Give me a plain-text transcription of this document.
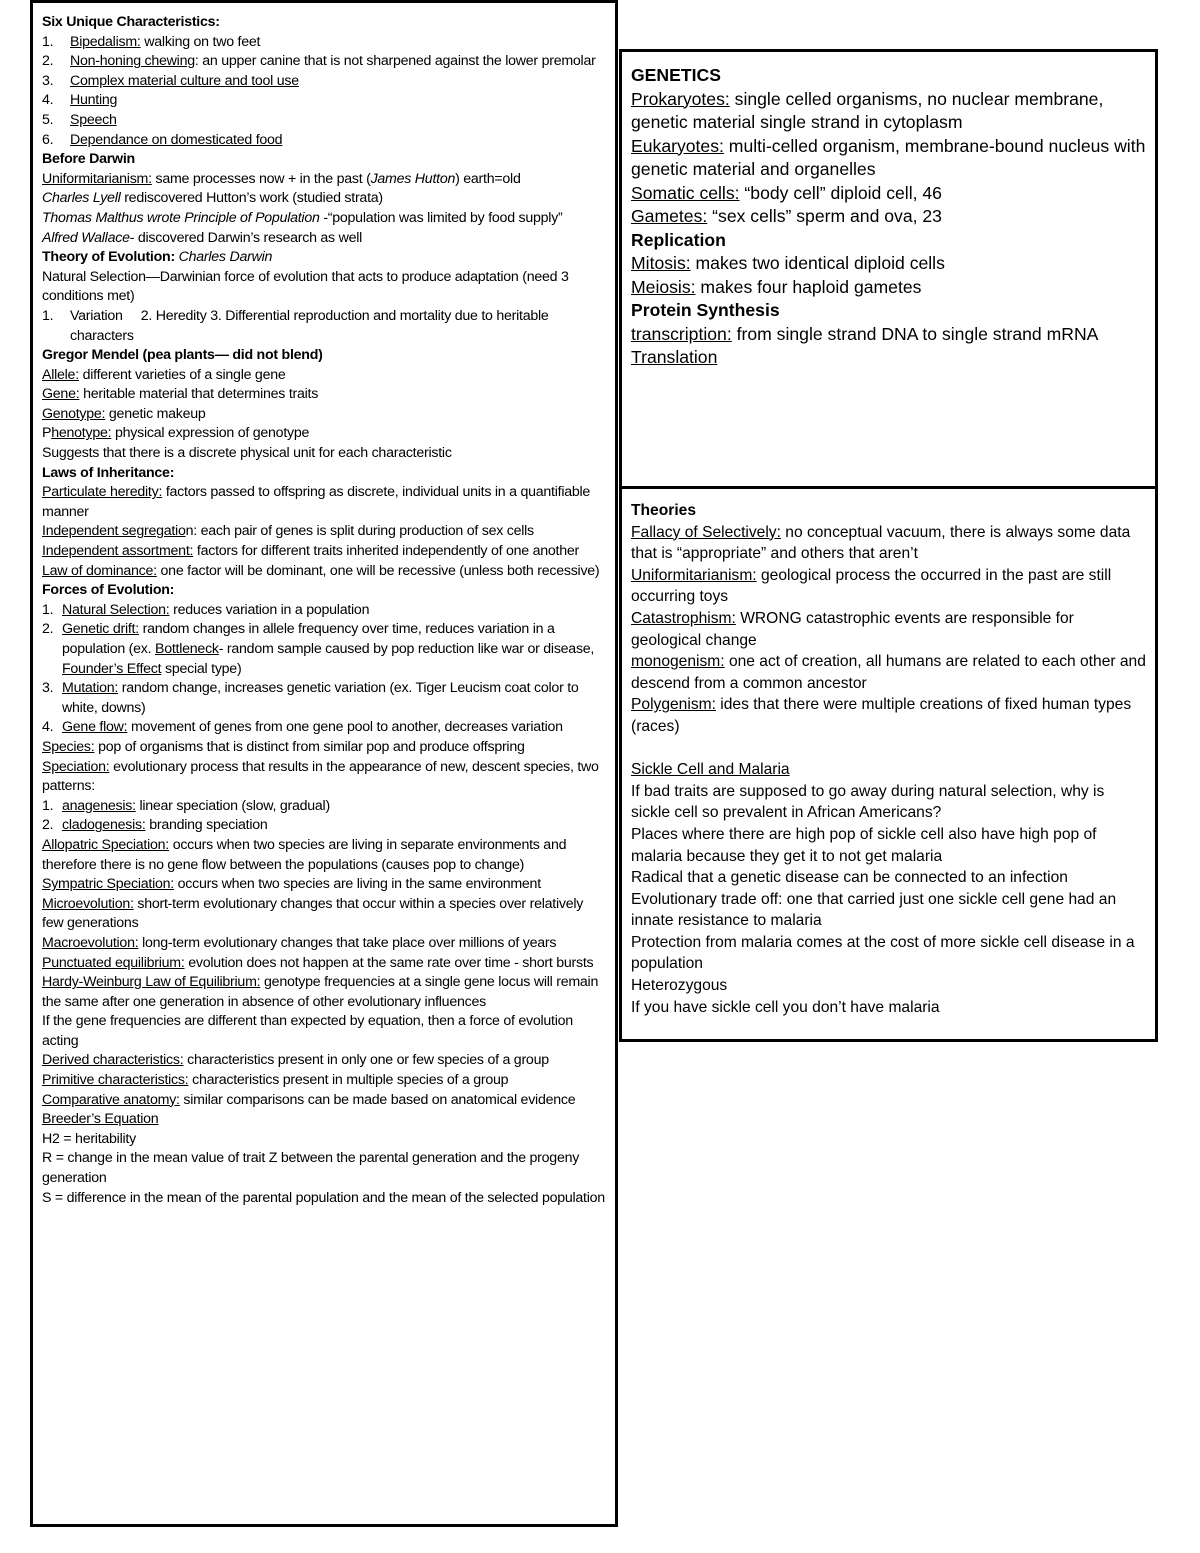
Six Unique Characteristics:

1.	Bipedalism: walking on two feet
2.	Non-honing chewing: an upper canine that is not sharpened against the lower premolar
3.	Complex material culture and tool use
4.	Hunting
5.	Speech
6.	Dependance on domesticated food

Before Darwin

Uniformitarianism: same processes now + in the past (James Hutton) earth=old

Charles Lyell rediscovered Hutton’s work (studied strata)

Thomas Malthus wrote Principle of Population -“population was limited by food supply”

Alfred Wallace- discovered Darwin’s research as well

Theory of Evolution: Charles Darwin

Natural Selection—Darwinian force of evolution that acts to produce adaptation (need 3 conditions met)

1.	Variation 2. Heredity 3. Differential reproduction and mortality due to heritable characters

Gregor Mendel (pea plants— did not blend)

Allele: different varieties of a single gene

Gene: heritable material that determines traits

Genotype: genetic makeup

Phenotype: physical expression of genotype

Suggests that there is a discrete physical unit for each characteristic

Laws of Inheritance:

Particulate heredity: factors passed to offspring as discrete, individual units in a quantifiable manner

Independent segregation: each pair of genes is split during production of sex cells

Independent assortment: factors for different traits inherited independently of one another

Law of dominance: one factor will be dominant, one will be recessive (unless both recessive)

Forces of Evolution:

1. Natural Selection: reduces variation in a population
2. Genetic drift: random changes in allele frequency over time, reduces variation in a population (ex. Bottleneck- random sample caused by pop reduction like war or disease, Founder’s Effect special type)
3. Mutation: random change, increases genetic variation (ex. Tiger Leucism coat color to white, downs)
4. Gene flow: movement of genes from one gene pool to another, decreases variation

Species: pop of organisms that is distinct from similar pop and produce offspring

Speciation: evolutionary process that results in the appearance of new, descent species, two patterns:

1. anagenesis: linear speciation (slow, gradual)
2. cladogenesis: branding speciation

Allopatric Speciation: occurs when two species are living in separate environments and therefore there is no gene flow between the populations (causes pop to change)

Sympatric Speciation: occurs when two species are living in the same environment

Microevolution: short-term evolutionary changes that occur within a species over relatively few generations

Macroevolution: long-term evolutionary changes that take place over millions of years

Punctuated equilibrium: evolution does not happen at the same rate over time - short bursts

Hardy-Weinburg Law of Equilibrium: genotype frequencies at a single gene locus will remain the same after one generation in absence of other evolutionary influences

If the gene frequencies are different than expected by equation, then a force of evolution acting

Derived characteristics: characteristics present in only one or few species of a group

Primitive characteristics: characteristics present in multiple species of a group

Comparative anatomy: similar comparisons can be made based on anatomical evidence

Breeder’s Equation

H2 = heritability

R = change in the mean value of trait Z between the parental generation and the progeny generation

S = difference in the mean of the parental population and the mean of the selected population

GENETICS

Prokaryotes: single celled organisms, no nuclear membrane, genetic material single strand in cytoplasm

Eukaryotes: multi-celled organism, membrane-bound nucleus with genetic material and organelles

Somatic cells: “body cell” diploid cell, 46

Gametes: “sex cells” sperm and ova, 23

Replication

Mitosis: makes two identical diploid cells

Meiosis: makes four haploid gametes

Protein Synthesis

transcription: from single strand DNA to single strand mRNA

Translation

Theories

Fallacy of Selectively: no conceptual vacuum, there is always some data that is “appropriate” and others that aren’t

Uniformitarianism: geological process the occurred in the past are still occurring toys

Catastrophism: WRONG catastrophic events are responsible for geological change

monogenism: one act of creation, all humans are related to each other and descend from a common ancestor

Polygenism: ides that there were multiple creations of fixed human types (races)

Sickle Cell and Malaria

If bad traits are supposed to go away during natural selection, why is sickle cell so prevalent in African Americans?

Places where there are high pop of sickle cell also have high pop of malaria because they get it to not get malaria

Radical that a genetic disease can be connected to an infection

Evolutionary trade off: one that carried just one sickle cell gene had an innate resistance to malaria

Protection from malaria comes at the cost of more sickle cell disease in a population

Heterozygous

If you have sickle cell you don’t have malaria
